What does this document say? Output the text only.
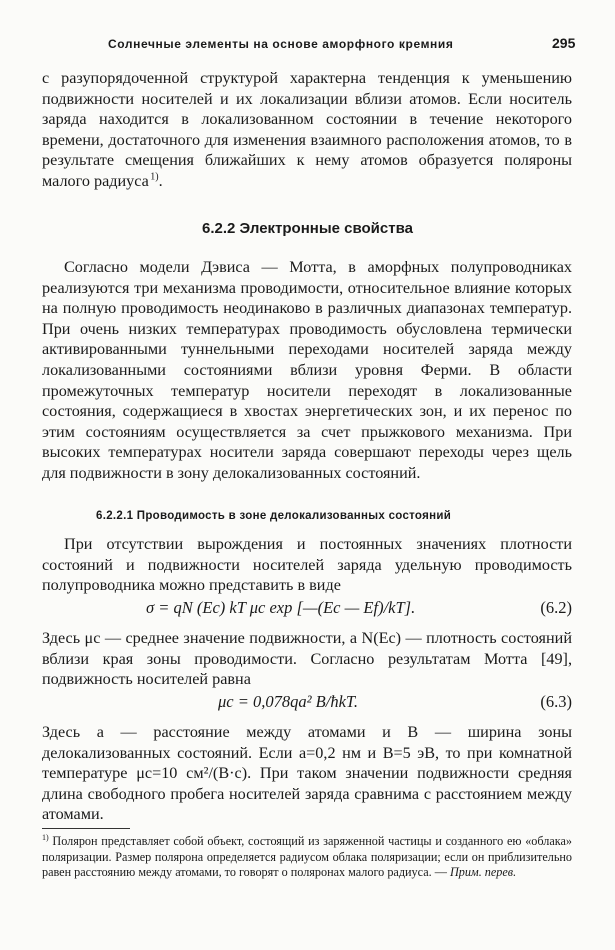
Солнечные элементы на основе аморфного кремния	295
с разупорядоченной структурой характерна тенденция к уменьшению подвижности носителей и их локализации вблизи атомов. Если носитель заряда находится в локализованном состоянии в течение некоторого времени, достаточного для изменения взаимного расположения атомов, то в результате смещения ближайших к нему атомов образуется поляроны малого радиуса $^{1)}$.
6.2.2 Электронные свойства
Согласно модели Дэвиса — Мотта, в аморфных полупроводниках реализуются три механизма проводимости, относительное влияние которых на полную проводимость неодинаково в различных диапазонах температур. При очень низких температурах проводимость обусловлена термически активированными туннельными переходами носителей заряда между локализованными состояниями вблизи уровня Ферми. В области промежуточных температур носители переходят в локализованные состояния, содержащиеся в хвостах энергетических зон, и их перенос по этим состояниям осуществляется за счет прыжкового механизма. При высоких температурах носители заряда совершают переходы через щель для подвижности в зону делокализованных состояний.
6.2.2.1 Проводимость в зоне делокализованных состояний
При отсутствии вырождения и постоянных значениях плотности состояний и подвижности носителей заряда удельную проводимость полупроводника можно представить в виде
σ = qN (Ec) kT μc exp [—(Ec — Ef)/kT].	(6.2)
Здесь μc — среднее значение подвижности, а N(Ec) — плотность состояний вблизи края зоны проводимости. Согласно результатам Мотта [49], подвижность носителей равна
μc = 0,078qa² B/ħkT.	(6.3)
Здесь a — расстояние между атомами и B — ширина зоны делокализованных состояний. Если a=0,2 нм и B=5 эВ, то при комнатной температуре μc=10 см²/(В·с). При таком значении подвижности средняя длина свободного пробега носителей заряда сравнима с расстоянием между атомами.
$^{1)}$ Полярон представляет собой объект, состоящий из заряженной частицы и созданного ею «облака» поляризации. Размер полярона определяется радиусом облака поляризации; если он приблизительно равен расстоянию между атомами, то говорят о поляронах малого радиуса. — Прим. перев.
